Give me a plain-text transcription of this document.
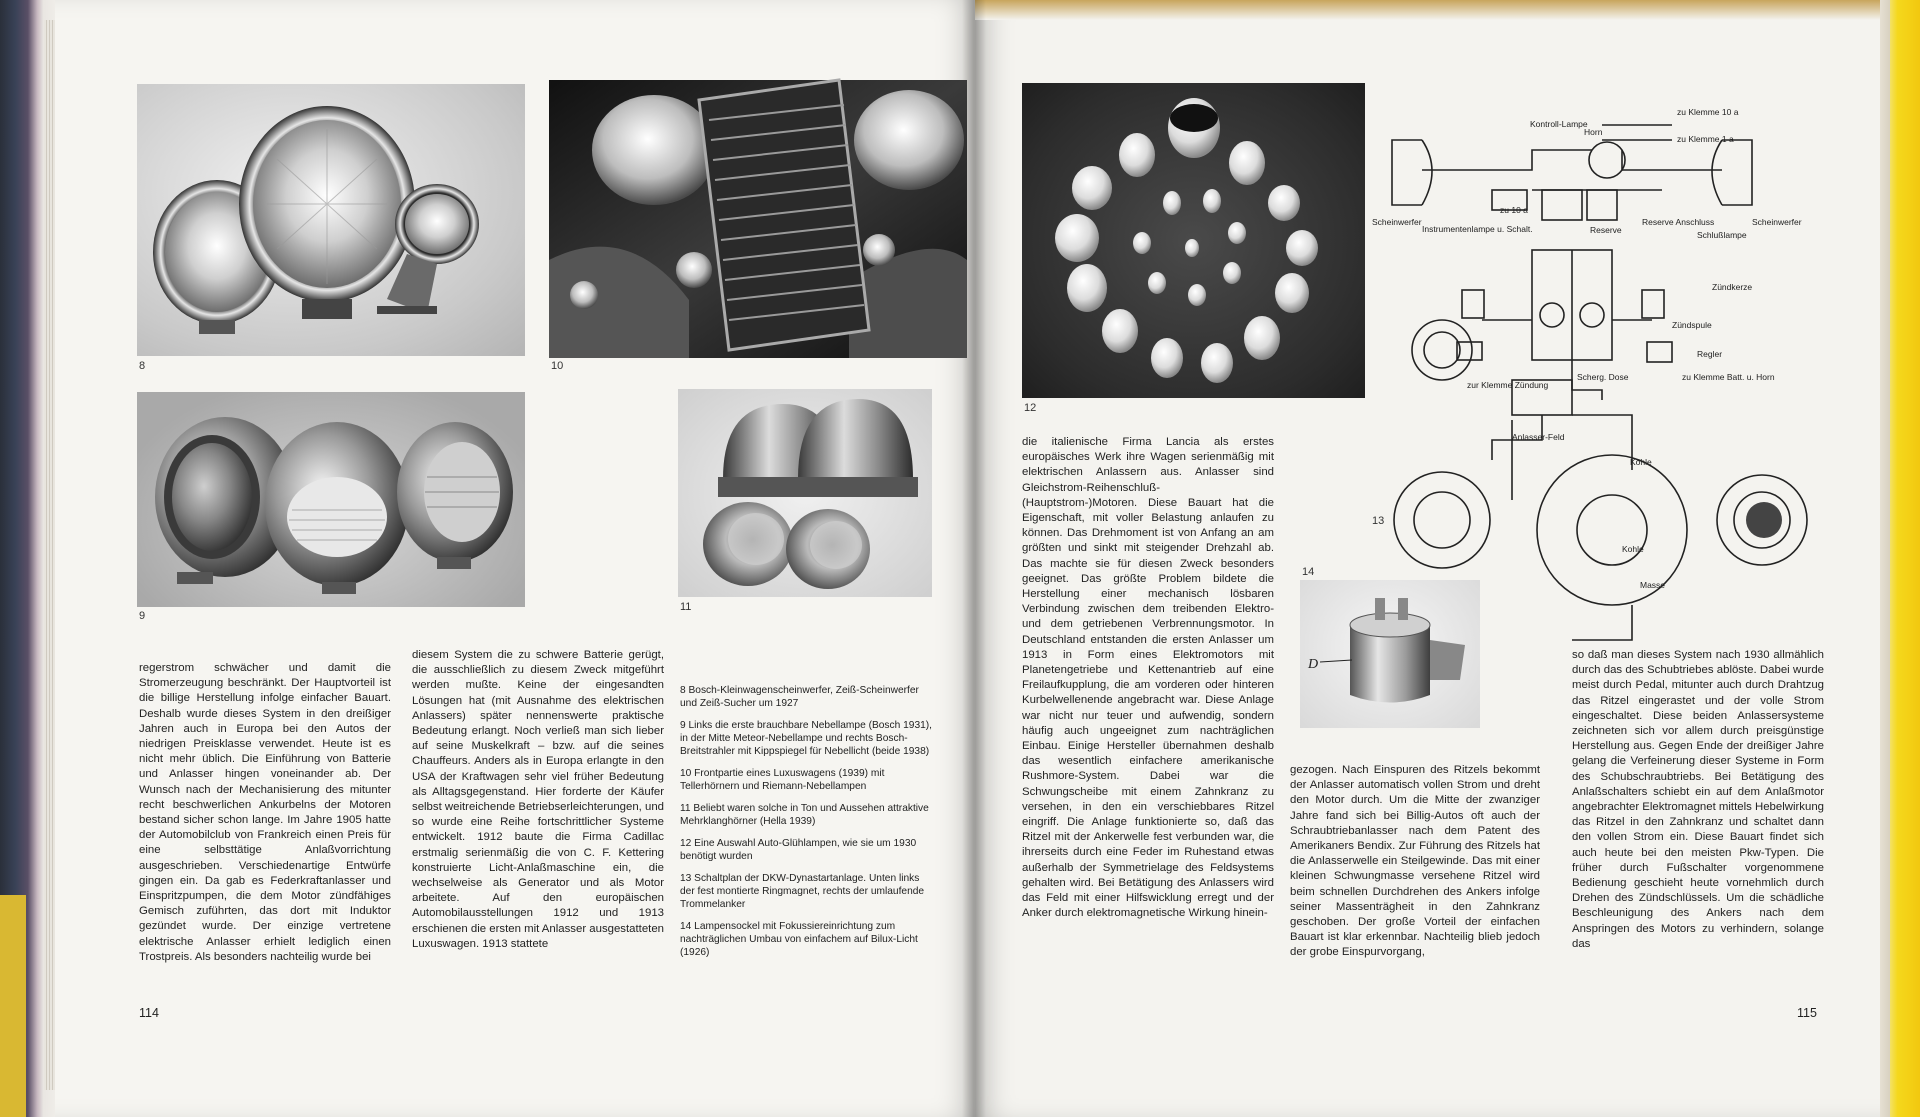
8	10
9
11
12
Kontroll-Lampe
Horn
zu Klemme 10 a
zu Klemme 1 a
Scheinwerfer	Scheinwerfer
zu 10 a
Instrumentenlampe u. Schalt.	Reserve
Reserve Anschluss
Schlußlampe
Zündkerze
Zündspule
Regler
zu Klemme Batt. u. Horn
zur Klemme Zündung
Scherg. Dose
Anlasser-Feld
Kohle
Kohle
Masse
13
14
D
regerstrom schwächer und damit die Stromerzeugung beschränkt. Der Hauptvorteil ist die billige Herstellung infolge einfacher Bauart. Deshalb wurde dieses System in den dreißiger Jahren auch in Europa bei den Autos der niedrigen Preisklasse verwendet. Heute ist es nicht mehr üblich. Die Einführung von Batterie und Anlasser hingen voneinander ab. Der Wunsch nach der Mechanisierung des mitunter recht beschwerlichen Ankurbelns der Motoren bestand sicher schon lange. Im Jahre 1905 hatte der Automobilclub von Frankreich einen Preis für eine selbsttätige Anlaßvorrichtung ausgeschrieben. Verschiedenartige Entwürfe gingen ein. Da gab es Federkraftanlasser und Einspritzpumpen, die dem Motor zündfähiges Gemisch zuführten, das dort mit Induktor gezündet wurde. Der einzige vertretene elektrische Anlasser erhielt lediglich einen Trostpreis. Als besonders nachteilig wurde bei
diesem System die zu schwere Batterie gerügt, die ausschließlich zu diesem Zweck mitgeführt werden mußte. Keine der eingesandten Lösungen hat (mit Ausnahme des elektrischen Anlassers) später nennenswerte praktische Bedeutung erlangt. Noch verließ man sich lieber auf seine Muskelkraft – bzw. auf die seines Chauffeurs. Anders als in Europa erlangte in den USA der Kraftwagen sehr viel früher Bedeutung als Alltagsgegenstand. Hier forderte der Käufer selbst weitreichende Betriebserleichterungen, und so wurde eine Reihe fortschrittlicher Systeme entwickelt. 1912 baute die Firma Cadillac erstmalig serienmäßig die von C. F. Kettering konstruierte Licht-Anlaßmaschine ein, die wechselweise als Generator und als Motor arbeitete. Auf den europäischen Automobilausstellungen 1912 und 1913 erschienen die ersten mit Anlasser ausgestatteten Luxuswagen. 1913 stattete

8 Bosch-Kleinwagenscheinwerfer, Zeiß-Scheinwerfer und Zeiß-Sucher um 1927

9 Links die erste brauchbare Nebellampe (Bosch 1931), in der Mitte Meteor-Nebellampe und rechts Bosch-Breitstrahler mit Kippspiegel für Nebellicht (beide 1938)

10 Frontpartie eines Luxuswagens (1939) mit Tellerhörnern und Riemann-Nebellampen

11 Beliebt waren solche in Ton und Aussehen attraktive Mehrklanghörner (Hella 1939)

12 Eine Auswahl Auto-Glühlampen, wie sie um 1930 benötigt wurden

13 Schaltplan der DKW-Dynastartanlage. Unten links der fest montierte Ringmagnet, rechts der umlaufende Trommelanker

14 Lampensockel mit Fokussiereinrichtung zum nachträglichen Umbau von einfachem auf Bilux-Licht (1926)

die italienische Firma Lancia als erstes europäisches Werk ihre Wagen serienmäßig mit elektrischen Anlassern aus. Anlasser sind Gleichstrom-Reihenschluß-(Hauptstrom-)Motoren. Diese Bauart hat die Eigenschaft, mit voller Belastung anlaufen zu können. Das Drehmoment ist von Anfang an am größten und sinkt mit steigender Drehzahl ab. Das machte sie für diesen Zweck besonders geeignet. Das größte Problem bildete die Herstellung einer mechanisch lösbaren Verbindung zwischen dem treibenden Elektro- und dem getriebenen Verbrennungsmotor. In Deutschland entstanden die ersten Anlasser um 1913 in Form eines Elektromotors mit Planetengetriebe und Kettenantrieb auf eine Freilaufkupplung, die am vorderen oder hinteren Kurbelwellenende angebracht war. Diese Anlage war nicht nur teuer und aufwendig, sondern häufig auch ungeeignet zum nachträglichen Einbau. Einige Hersteller übernahmen deshalb das wesentlich einfachere amerikanische Rushmore-System. Dabei war die Schwungscheibe mit einem Zahnkranz zu versehen, in den ein verschiebbares Ritzel eingriff. Die Anlage funktionierte so, daß das Ritzel mit der Ankerwelle fest verbunden war, die ihrerseits durch eine Feder im Ruhestand etwas außerhalb der Symmetrielage des Feldsystems gehalten wird. Bei Betätigung des Anlassers wird das Feld mit einer Hilfswicklung erregt und der Anker durch elektromagnetische Wirkung hinein-
gezogen. Nach Einspuren des Ritzels bekommt der Anlasser automatisch vollen Strom und dreht den Motor durch. Um die Mitte der zwanziger Jahre fand sich bei Billig-Autos oft auch der Schraubtriebanlasser nach dem Patent des Amerikaners Bendix. Zur Führung des Ritzels hat die Anlasserwelle ein Steilgewinde. Das mit einer kleinen Schwungmasse versehene Ritzel wird beim schnellen Durchdrehen des Ankers infolge seiner Massenträgheit in den Zahnkranz geschoben. Der große Vorteil der einfachen Bauart ist klar erkennbar. Nachteilig blieb jedoch der grobe Einspurvorgang,
so daß man dieses System nach 1930 allmählich durch das des Schubtriebes ablöste. Dabei wurde meist durch Pedal, mitunter auch durch Drahtzug das Ritzel eingerastet und der volle Strom eingeschaltet. Diese beiden Anlassersysteme zeichneten sich vor allem durch preisgünstige Herstellung aus. Gegen Ende der dreißiger Jahre gelang die Verfeinerung dieser Systeme in Form des Schubschraubtriebs. Bei Betätigung des Anlaßschalters schiebt ein auf dem Anlaßmotor angebrachter Elektromagnet mittels Hebelwirkung das Ritzel in den Zahnkranz und schaltet dann den vollen Strom ein. Diese Bauart findet sich auch heute bei den meisten Pkw-Typen. Die früher durch Fußschalter vorgenommene Bedienung geschieht heute vornehmlich durch Drehen des Zündschlüssels. Um die schädliche Beschleunigung des Ankers nach dem Anspringen des Motors zu verhindern, solange das
114	115
